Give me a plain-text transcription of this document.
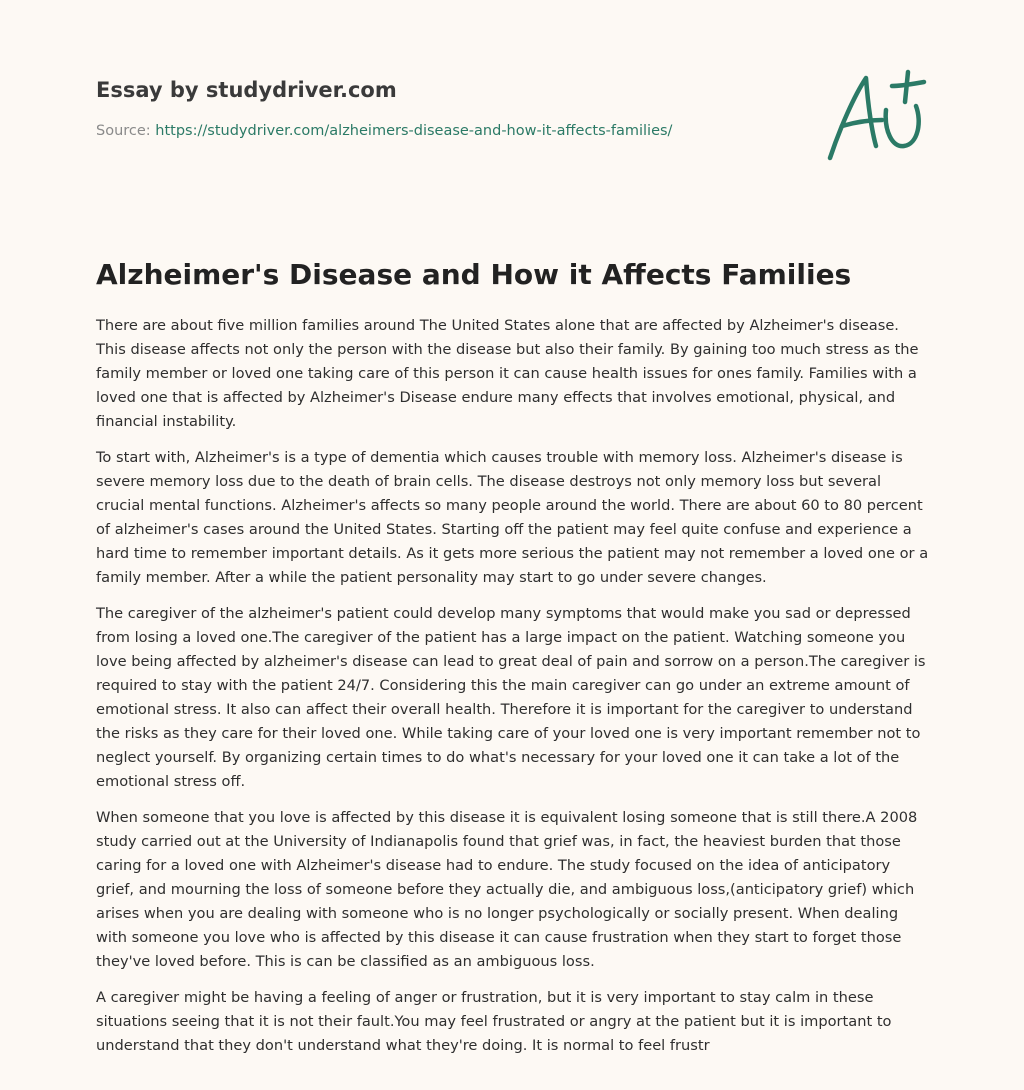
Essay by studydriver.com
Source: https://studydriver.com/alzheimers-disease-and-how-it-affects-families/
Alzheimer's Disease and How it Affects Families

There are about five million families around The United States alone that are affected by Alzheimer's disease. This disease affects not only the person with the disease but also their family. By gaining too much stress as the family member or loved one taking care of this person it can cause health issues for ones family. Families with a loved one that is affected by Alzheimer's Disease endure many effects that involves emotional, physical, and financial instability.

To start with, Alzheimer's is a type of dementia which causes trouble with memory loss. Alzheimer's disease is severe memory loss due to the death of brain cells. The disease destroys not only memory loss but several crucial mental functions. Alzheimer's affects so many people around the world. There are about 60 to 80 percent of alzheimer's cases around the United States. Starting off the patient may feel quite confuse and experience a hard time to remember important details. As it gets more serious the patient may not remember a loved one or a family member. After a while the patient personality may start to go under severe changes.

The caregiver of the alzheimer's patient could develop many symptoms that would make you sad or depressed from losing a loved one.The caregiver of the patient has a large impact on the patient. Watching someone you love being affected by alzheimer's disease can lead to great deal of pain and sorrow on a person.The caregiver is required to stay with the patient 24/7. Considering this the main caregiver can go under an extreme amount of emotional stress. It also can affect their overall health. Therefore it is important for the caregiver to understand the risks as they care for their loved one. While taking care of your loved one is very important remember not to neglect yourself. By organizing certain times to do what's necessary for your loved one it can take a lot of the emotional stress off.

When someone that you love is affected by this disease it is equivalent losing someone that is still there.A 2008 study carried out at the University of Indianapolis found that grief was, in fact, the heaviest burden that those caring for a loved one with Alzheimer's disease had to endure. The study focused on the idea of anticipatory grief, and mourning the loss of someone before they actually die, and ambiguous loss,(anticipatory grief) which arises when you are dealing with someone who is no longer psychologically or socially present. When dealing with someone you love who is affected by this disease it can cause frustration when they start to forget those they've loved before. This is can be classified as an ambiguous loss.

A caregiver might be having a feeling of anger or frustration, but it is very important to stay calm in these situations seeing that it is not their fault.You may feel frustrated or angry at the patient but it is important to understand that they don't understand what they're doing. It is normal to feel frustr
